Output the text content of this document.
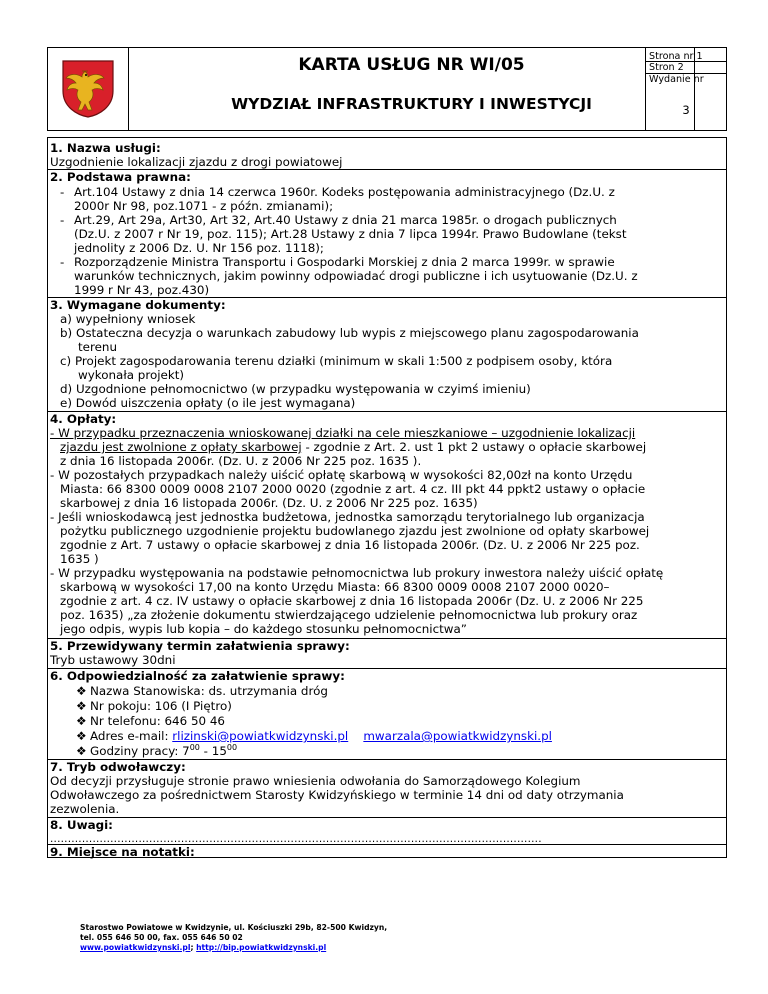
KARTA USŁUG NR WI/05
WYDZIAŁ INFRASTRUKTURY I INWESTYCJI
Strona nr 1
Stron 2
Wydanie nr
3
1. Nazwa usługi:
Uzgodnienie lokalizacji zjazdu z drogi powiatowej
2. Podstawa prawna:
- Art.104 Ustawy z dnia 14 czerwca 1960r. Kodeks postępowania administracyjnego (Dz.U. z
2000r Nr 98, poz.1071 - z późn. zmianami);
- Art.29, Art 29a, Art30, Art 32, Art.40 Ustawy z dnia 21 marca 1985r. o drogach publicznych
(Dz.U. z 2007 r Nr 19, poz. 115); Art.28 Ustawy z dnia 7 lipca 1994r. Prawo Budowlane (tekst
jednolity z 2006 Dz. U. Nr 156 poz. 1118);
- Rozporządzenie Ministra Transportu i Gospodarki Morskiej z dnia 2 marca 1999r. w sprawie
warunków technicznych, jakim powinny odpowiadać drogi publiczne i ich usytuowanie (Dz.U. z
1999 r Nr 43, poz.430)
3. Wymagane dokumenty:
a) wypełniony wniosek
b) Ostateczna decyzja o warunkach zabudowy lub wypis z miejscowego planu zagospodarowania
terenu
c) Projekt zagospodarowania terenu działki (minimum w skali 1:500 z podpisem osoby, która
wykonała projekt)
d) Uzgodnione pełnomocnictwo (w przypadku występowania w czyimś imieniu)
e) Dowód uiszczenia opłaty (o ile jest wymagana)
4. Opłaty:
- W przypadku przeznaczenia wnioskowanej działki na cele mieszkaniowe – uzgodnienie lokalizacji
zjazdu jest zwolnione z opłaty skarbowej - zgodnie z Art. 2. ust 1 pkt 2 ustawy o opłacie skarbowej
z dnia 16 listopada 2006r. (Dz. U. z 2006 Nr 225 poz. 1635 ).
- W pozostałych przypadkach należy uiścić opłatę skarbową w wysokości 82,00zł na konto Urzędu
Miasta: 66 8300 0009 0008 2107 2000 0020 (zgodnie z art. 4 cz. III pkt 44 ppkt2 ustawy o opłacie
skarbowej z dnia 16 listopada 2006r. (Dz. U. z 2006 Nr 225 poz. 1635)
- Jeśli wnioskodawcą jest jednostka budżetowa, jednostka samorządu terytorialnego lub organizacja
pożytku publicznego uzgodnienie projektu budowlanego zjazdu jest zwolnione od opłaty skarbowej
zgodnie z Art. 7 ustawy o opłacie skarbowej z dnia 16 listopada 2006r. (Dz. U. z 2006 Nr 225 poz.
1635 )
- W przypadku występowania na podstawie pełnomocnictwa lub prokury inwestora należy uiścić opłatę
skarbową w wysokości 17,00 na konto Urzędu Miasta: 66 8300 0009 0008 2107 2000 0020–
zgodnie z art. 4 cz. IV ustawy o opłacie skarbowej z dnia 16 listopada 2006r (Dz. U. z 2006 Nr 225
poz. 1635) „za złożenie dokumentu stwierdzającego udzielenie pełnomocnictwa lub prokury oraz
jego odpis, wypis lub kopia – do każdego stosunku pełnomocnictwa”
5. Przewidywany termin załatwienia sprawy:
Tryb ustawowy 30dni
6. Odpowiedzialność za załatwienie sprawy:
❖ Nazwa Stanowiska: ds. utrzymania dróg
❖ Nr pokoju: 106 (I Piętro)
❖ Nr telefonu: 646 50 46
❖ Adres e-mail: rlizinski@powiatkwidzynski.pl mwarzala@powiatkwidzynski.pl
❖ Godziny pracy: $7^{00} - 15^{00}$
7. Tryb odwoławczy:
Od decyzji przysługuje stronie prawo wniesienia odwołania do Samorządowego Kolegium
Odwoławczego za pośrednictwem Starosty Kwidzyńskiego w terminie 14 dni od daty otrzymania
zezwolenia.
8. Uwagi:
...........................................................................................................................................
9. Miejsce na notatki:
Starostwo Powiatowe w Kwidzynie, ul. Kościuszki 29b, 82-500 Kwidzyn,
tel. 055 646 50 00, fax. 055 646 50 02
www.powiatkwidzynski.pl; http://bip.powiatkwidzynski.pl
